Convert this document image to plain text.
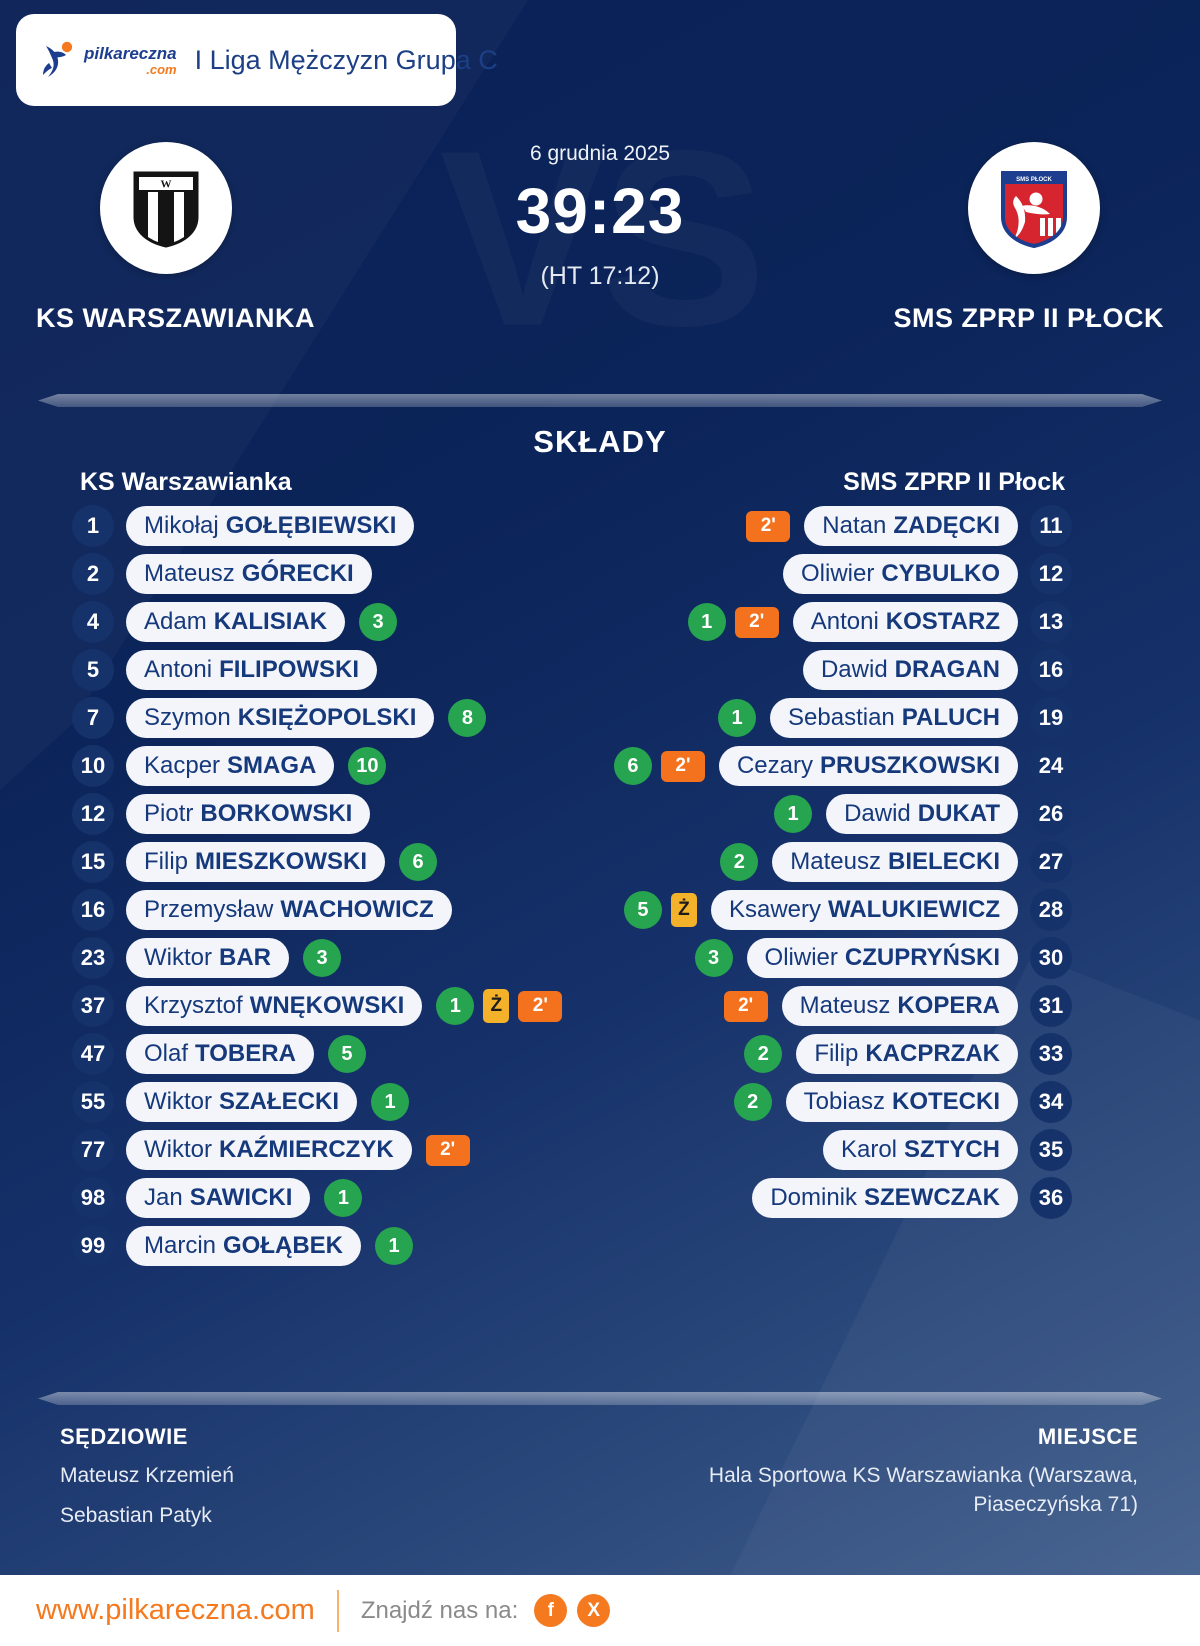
pilkareczna
.com I Liga Mężczyzn Grupa C
W	SMS PŁOCK
6 grudnia 2025
39:23
(HT 17:12)
KS WARSZAWIANKA	SMS ZPRP II PŁOCK
SKŁADY
KS Warszawianka	SMS ZPRP II Płock
1	Mikołaj GOŁĘBIEWSKI
2	Mateusz GÓRECKI
4	Adam KALISIAK	3
5	Antoni FILIPOWSKI
7	Szymon KSIĘŻOPOLSKI	8
10	Kacper SMAGA	10
12	Piotr BORKOWSKI
15	Filip MIESZKOWSKI	6
16	Przemysław WACHOWICZ
23	Wiktor BAR	3
37	Krzysztof WNĘKOWSKI	1	Ż	2'
47	Olaf TOBERA	5
55	Wiktor SZAŁECKI	1
77	Wiktor KAŹMIERCZYK	2'
98	Jan SAWICKI	1
99	Marcin GOŁĄBEK	1
2'	Natan ZADĘCKI	11
Oliwier CYBULKO	12
1	2'	Antoni KOSTARZ	13
Dawid DRAGAN	16
1	Sebastian PALUCH	19
6	2'	Cezary PRUSZKOWSKI	24
1	Dawid DUKAT	26
2	Mateusz BIELECKI	27
5	Ż	Ksawery WALUKIEWICZ	28
3	Oliwier CZUPRYŃSKI	30
2'	Mateusz KOPERA	31
2	Filip KACPRZAK	33
2	Tobiasz KOTECKI	34
Karol SZTYCH	35
Dominik SZEWCZAK	36
SĘDZIOWIE
Mateusz Krzemień
Sebastian Patyk
MIEJSCE
Hala Sportowa KS Warszawianka (Warszawa, Piaseczyńska 71)
www.pilkareczna.com Znajdź nas na:	f	X
